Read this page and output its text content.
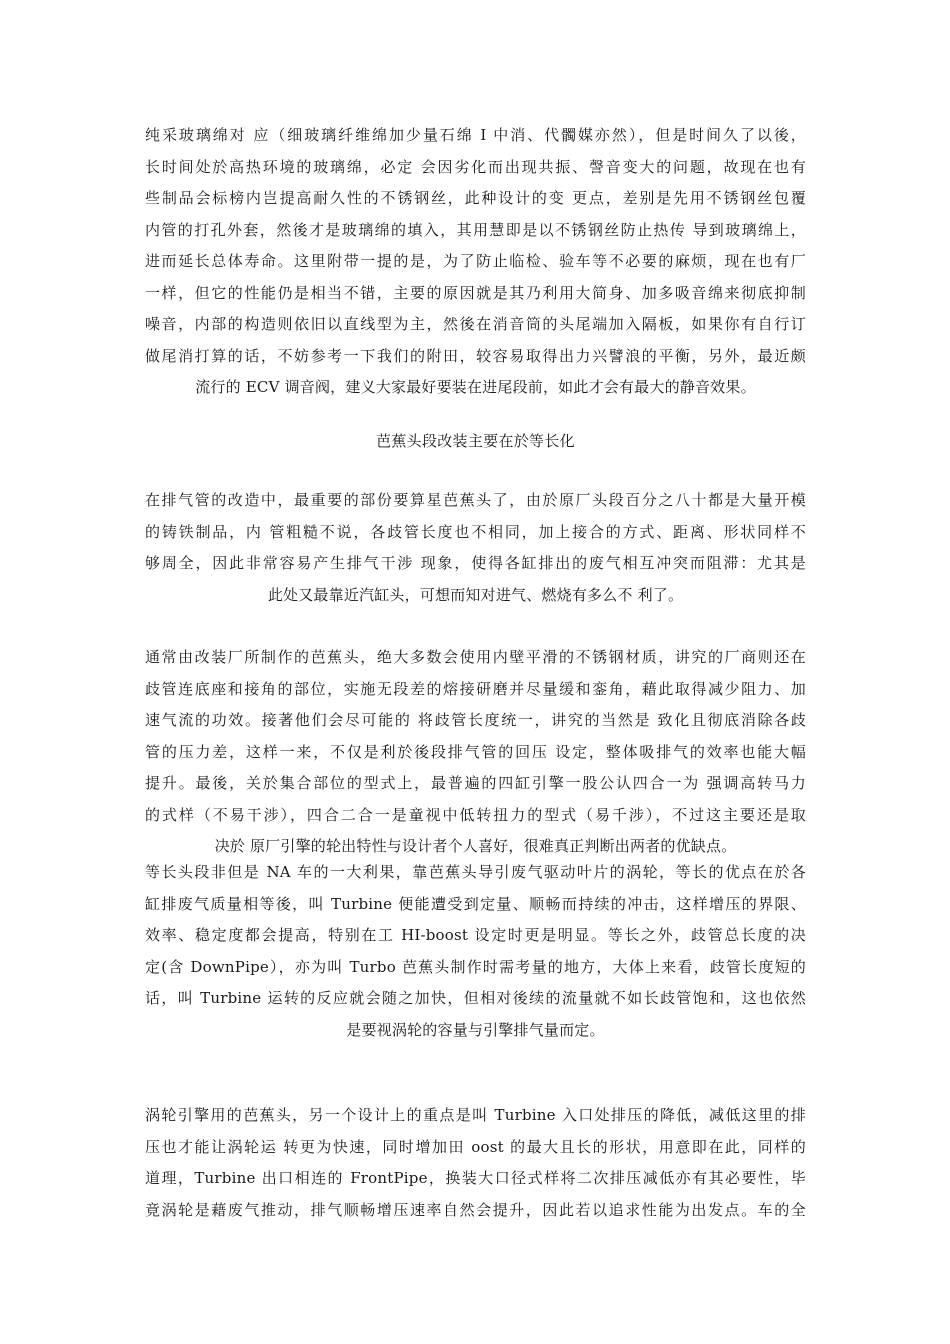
纯采玻璃绵对 应（细玻璃纤维绵加少量石绵 I 中消、代髑媒亦然），但是时间久了以後，
长时间处於高热环境的玻璃绵，必定 会因劣化而出现共振、謦音变大的问题，故现在也有
些制品会标榜内岂提高耐久性的不锈钢丝，此种设计的变 更点，差别是先用不锈钢丝包覆
内管的打孔外套，然後才是玻璃绵的填入，其用慧即是以不锈钢丝防止热传 导到玻璃绵上，
进而延长总体寿命。这里附带一提的是，为了防止临检、验车等不必要的麻烦，现在也有厂
一样，但它的性能仍是相当不错，主要的原因就是其乃利用大简身、加多吸音绵来彻底抑制
噪音，内部的构造则依旧以直线型为主，然後在消音筒的头尾端加入隔板，如果你有自行订
做尾消打算的话，不妨参考一下我们的附田，较容易取得出力兴譬浪的平衡，另外，最近颇
流行的 ECV 调音阀，建义大家最好要装在进尾段前，如此才会有最大的静音效果。
芭蕉头段改装主要在於等长化
在排气管的改造中，最重要的部份要算星芭蕉头了，由於原厂头段百分之八十都是大量开模
的铸铁制品，内 管粗糙不说，各歧管长度也不相同，加上接合的方式、距离、形状同样不
够周全，因此非常容易产生排气干涉 现象，使得各缸排出的废气相互冲突而阻滞：尤其是
此处又最靠近汽缸头，可想而知对进气、燃烧有多么不 利了。
通常由改装厂所制作的芭蕉头，绝大多数会使用内壁平滑的不锈钢材质，讲究的厂商则还在
歧管连底座和接角的部位，实施无段差的熔接研磨并尽量缓和銮角，藉此取得减少阻力、加
速气流的功效。接著他们会尽可能的 将歧管长度统一，讲究的当然是 致化且彻底消除各歧
管的压力差，这样一来，不仅是利於後段排气管的回压 设定，整体吸排气的效率也能大幅
提升。最後，关於集合部位的型式上，最普遍的四缸引擎一股公认四合一为 强调高转马力
的式样（不易干涉），四合二合一是童视中低转扭力的型式（易千涉），不过这主要还是取
决於 原厂引擎的轮出特性与设计者个人喜好，很难真正判断出两者的优缺点。
等长头段非但是 NA 车的一大利果，靠芭蕉头导引废气驱动叶片的涡轮，等长的优点在於各
缸排废气质量相等後，叫 Turbine 便能遭受到定量、顺畅而持续的冲击，这样增压的界限、
效率、稳定度都会提高，特别在工 HI-boost 设定时更是明显。等长之外，歧管总长度的决
定(含 DownPipe），亦为叫 Turbo 芭蕉头制作时需考量的地方，大体上来看，歧管长度短的
话，叫 Turbine 运转的反应就会随之加快，但相对後续的流量就不如长歧管饱和，这也依然
是要视涡轮的容量与引擎排气量而定。
涡轮引擎用的芭蕉头，另一个设计上的重点是叫 Turbine 入口处排压的降低，减低这里的排
压也才能让涡轮运 转更为快速，同时增加田 oost 的最大且长的形状，用意即在此，同样的
道理，Turbine 出口相连的 FrontPipe，换装大口径式样将二次排压减低亦有其必要性，毕
竟涡轮是藉废气推动，排气顺畅增压速率自然会提升，因此若以追求性能为出发点。车的全
